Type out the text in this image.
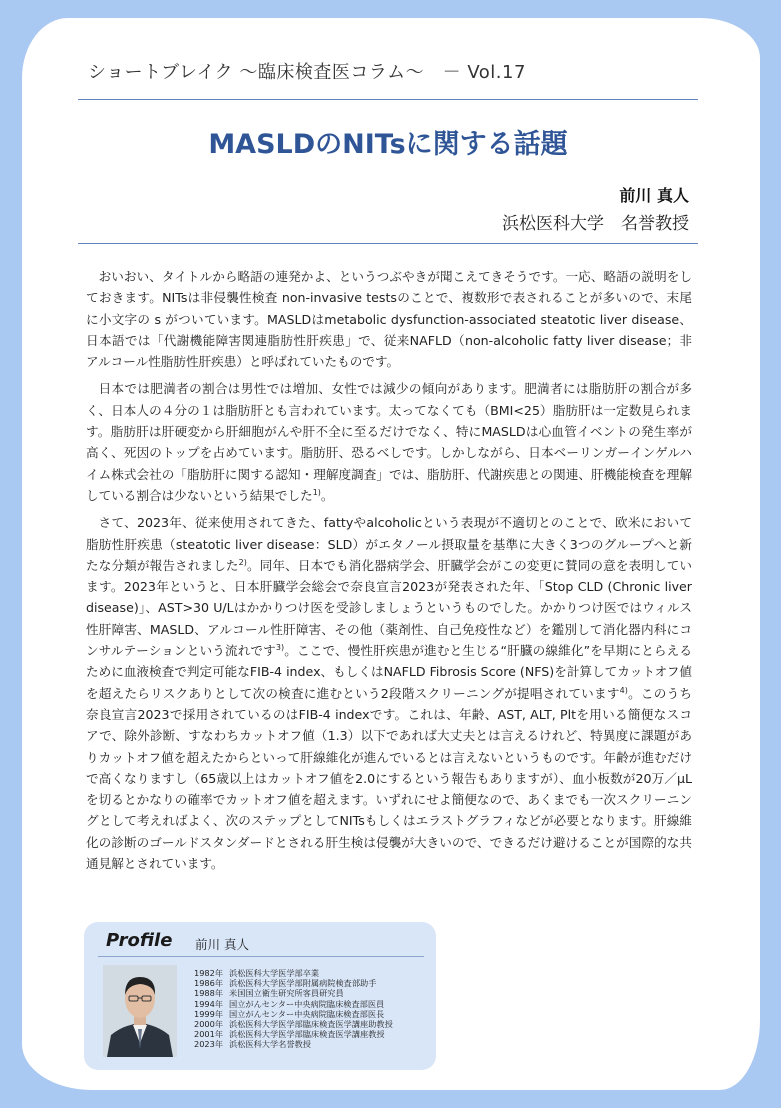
ショートブレイク 〜臨床検査医コラム〜　－ Vol.17
MASLDのNITsに関する話題
前川 真人
浜松医科大学　名誉教授

おいおい、タイトルから略語の連発かよ、というつぶやきが聞こえてきそうです。一応、略語の説明をしておきます。NITsは非侵襲性検査 non-invasive testsのことで、複数形で表されることが多いので、末尾に小文字の s がついています。MASLDはmetabolic dysfunction-associated steatotic liver disease、日本語では「代謝機能障害関連脂肪性肝疾患」で、従来NAFLD（non-alcoholic fatty liver disease；非アルコール性脂肪性肝疾患）と呼ばれていたものです。

日本では肥満者の割合は男性では増加、女性では減少の傾向があります。肥満者には脂肪肝の割合が多く、日本人の４分の１は脂肪肝とも言われています。太ってなくても（BMI<25）脂肪肝は一定数見られます。脂肪肝は肝硬変から肝細胞がんや肝不全に至るだけでなく、特にMASLDは心血管イベントの発生率が高く、死因のトップを占めています。脂肪肝、恐るべしです。しかしながら、日本ベーリンガーインゲルハイム株式会社の「脂肪肝に関する認知・理解度調査」では、脂肪肝、代謝疾患との関連、肝機能検査を理解している割合は少ないという結果でした$^{1)}$。

さて、2023年、従来使用されてきた、fattyやalcoholicという表現が不適切とのことで、欧米において脂肪性肝疾患（steatotic liver disease：SLD）がエタノール摂取量を基準に大きく3つのグループへと新たな分類が報告されました$^{2)}$。同年、日本でも消化器病学会、肝臓学会がこの変更に賛同の意を表明しています。2023年というと、日本肝臓学会総会で奈良宣言2023が発表された年、「Stop CLD (Chronic liver disease)」、AST>30 U/Lはかかりつけ医を受診しましょうというものでした。かかりつけ医ではウィルス性肝障害、MASLD、アルコール性肝障害、その他（薬剤性、自己免疫性など）を鑑別して消化器内科にコンサルテーションという流れです$^{3)}$。ここで、慢性肝疾患が進むと生じる“肝臓の線維化”を早期にとらえるために血液検査で判定可能なFIB-4 index、もしくはNAFLD Fibrosis Score (NFS)を計算してカットオフ値を超えたらリスクありとして次の検査に進むという2段階スクリーニングが提唱されています$^{4)}$。このうち奈良宣言2023で採用されているのはFIB-4 indexです。これは、年齢、AST, ALT, Pltを用いる簡便なスコアで、除外診断、すなわちカットオフ値（1.3）以下であれば大丈夫とは言えるけれど、特異度に課題がありカットオフ値を超えたからといって肝線維化が進んでいるとは言えないというものです。年齢が進むだけで高くなりますし（65歳以上はカットオフ値を2.0にするという報告もありますが）、血小板数が20万／μLを切るとかなりの確率でカットオフ値を超えます。いずれにせよ簡便なので、あくまでも一次スクリーニングとして考えればよく、次のステップとしてNITsもしくはエラストグラフィなどが必要となります。肝線維化の診断のゴールドスタンダードとされる肝生検は侵襲が大きいので、できるだけ避けることが国際的な共通見解とされています。

Profile 前川 真人
1982年 浜松医科大学医学部卒業
1986年 浜松医科大学医学部附属病院検査部助手
1988年 米国国立衛生研究所客員研究員
1994年 国立がんセンター中央病院臨床検査部医員
1999年 国立がんセンター中央病院臨床検査部医長
2000年 浜松医科大学医学部臨床検査医学講座助教授
2001年 浜松医科大学医学部臨床検査医学講座教授
2023年 浜松医科大学名誉教授
